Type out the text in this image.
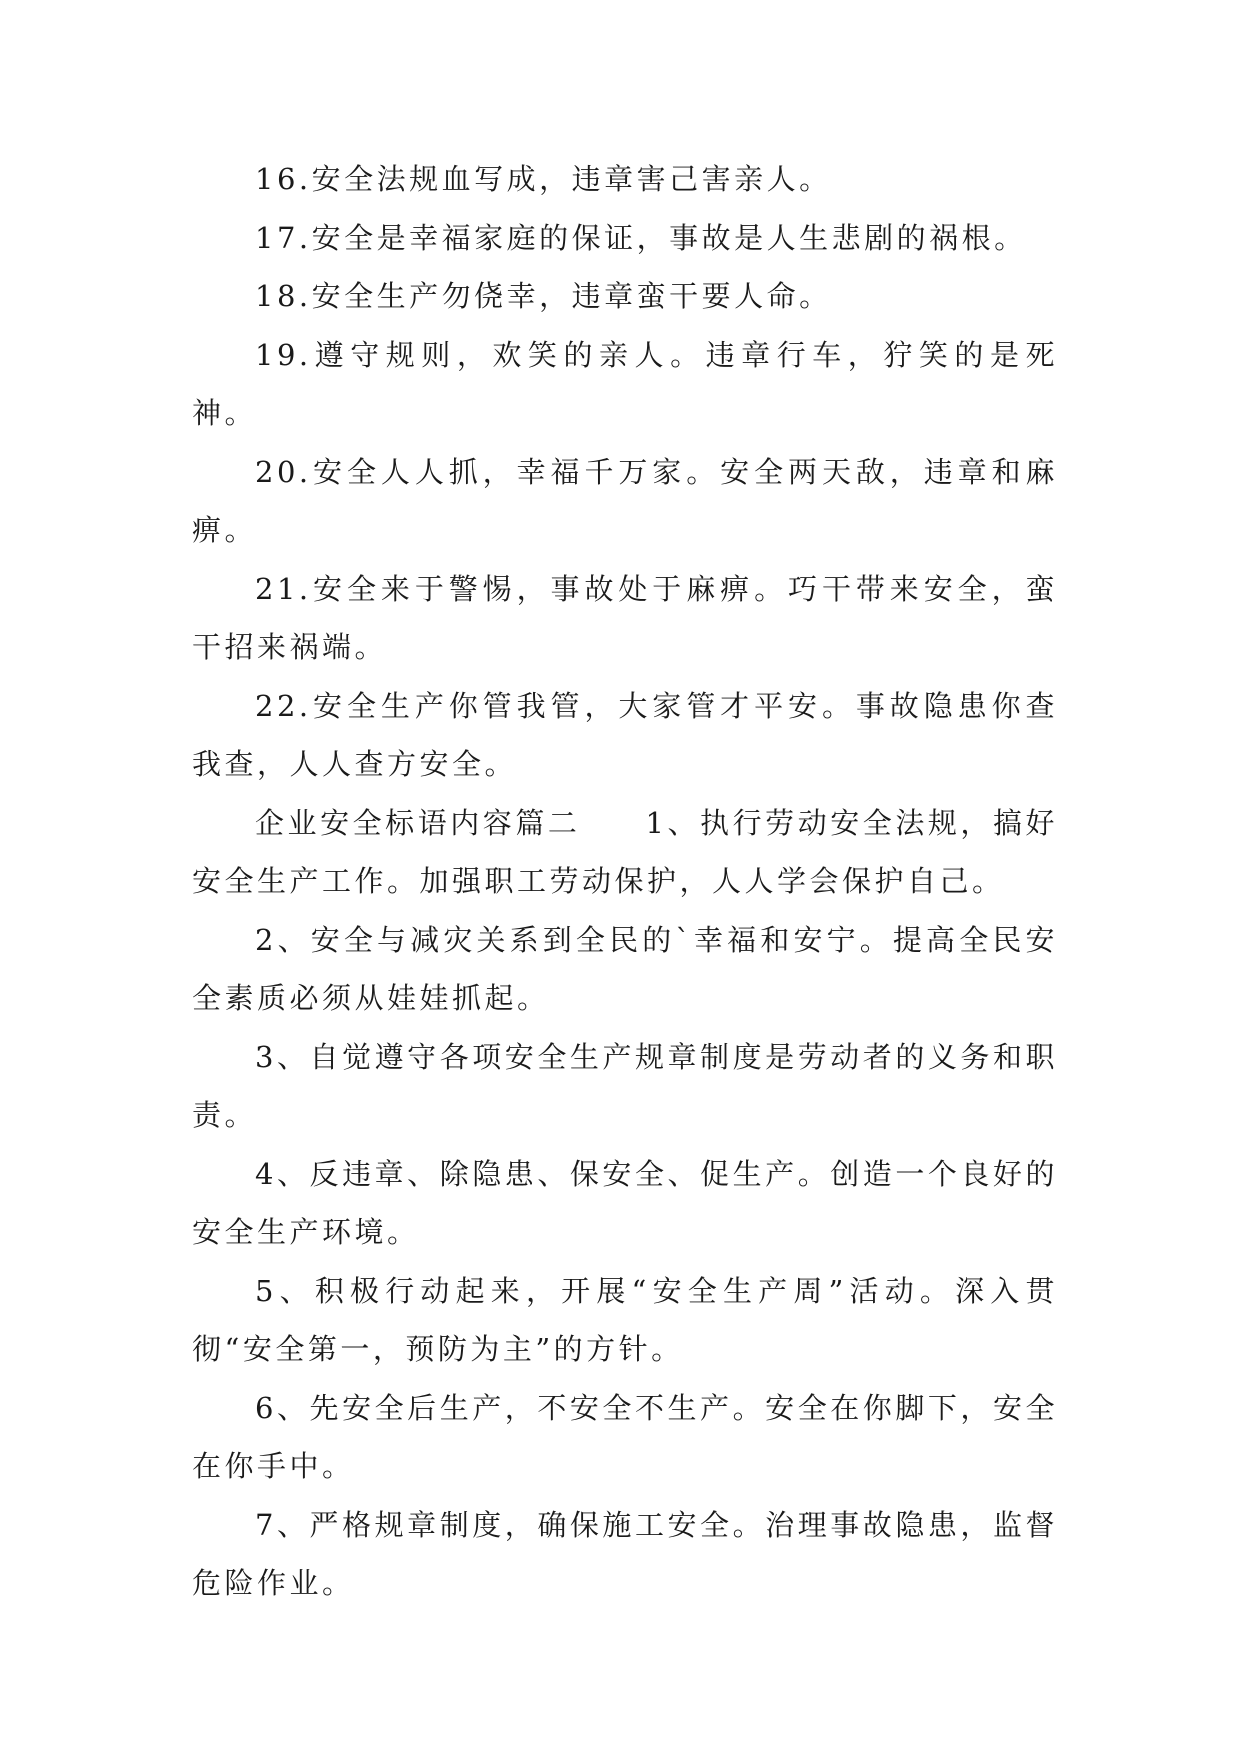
16.安全法规血写成，违章害己害亲人。

17.安全是幸福家庭的保证，事故是人生悲剧的祸根。

18.安全生产勿侥幸，违章蛮干要人命。

19.遵守规则，欢笑的亲人。违章行车，狞笑的是死神。

20.安全人人抓，幸福千万家。安全两天敌，违章和麻痹。

21.安全来于警惕，事故处于麻痹。巧干带来安全，蛮干招来祸端。

22.安全生产你管我管，大家管才平安。事故隐患你查我查，人人查方安全。

企业安全标语内容篇二　　1、执行劳动安全法规，搞好安全生产工作。加强职工劳动保护，人人学会保护自己。

2、安全与减灾关系到全民的`幸福和安宁。提高全民安全素质必须从娃娃抓起。

3、自觉遵守各项安全生产规章制度是劳动者的义务和职责。

4、反违章、除隐患、保安全、促生产。创造一个良好的安全生产环境。

5、积极行动起来，开展“安全生产周”活动。深入贯彻“安全第一，预防为主”的方针。

6、先安全后生产，不安全不生产。安全在你脚下，安全在你手中。

7、严格规章制度，确保施工安全。治理事故隐患，监督危险作业。
